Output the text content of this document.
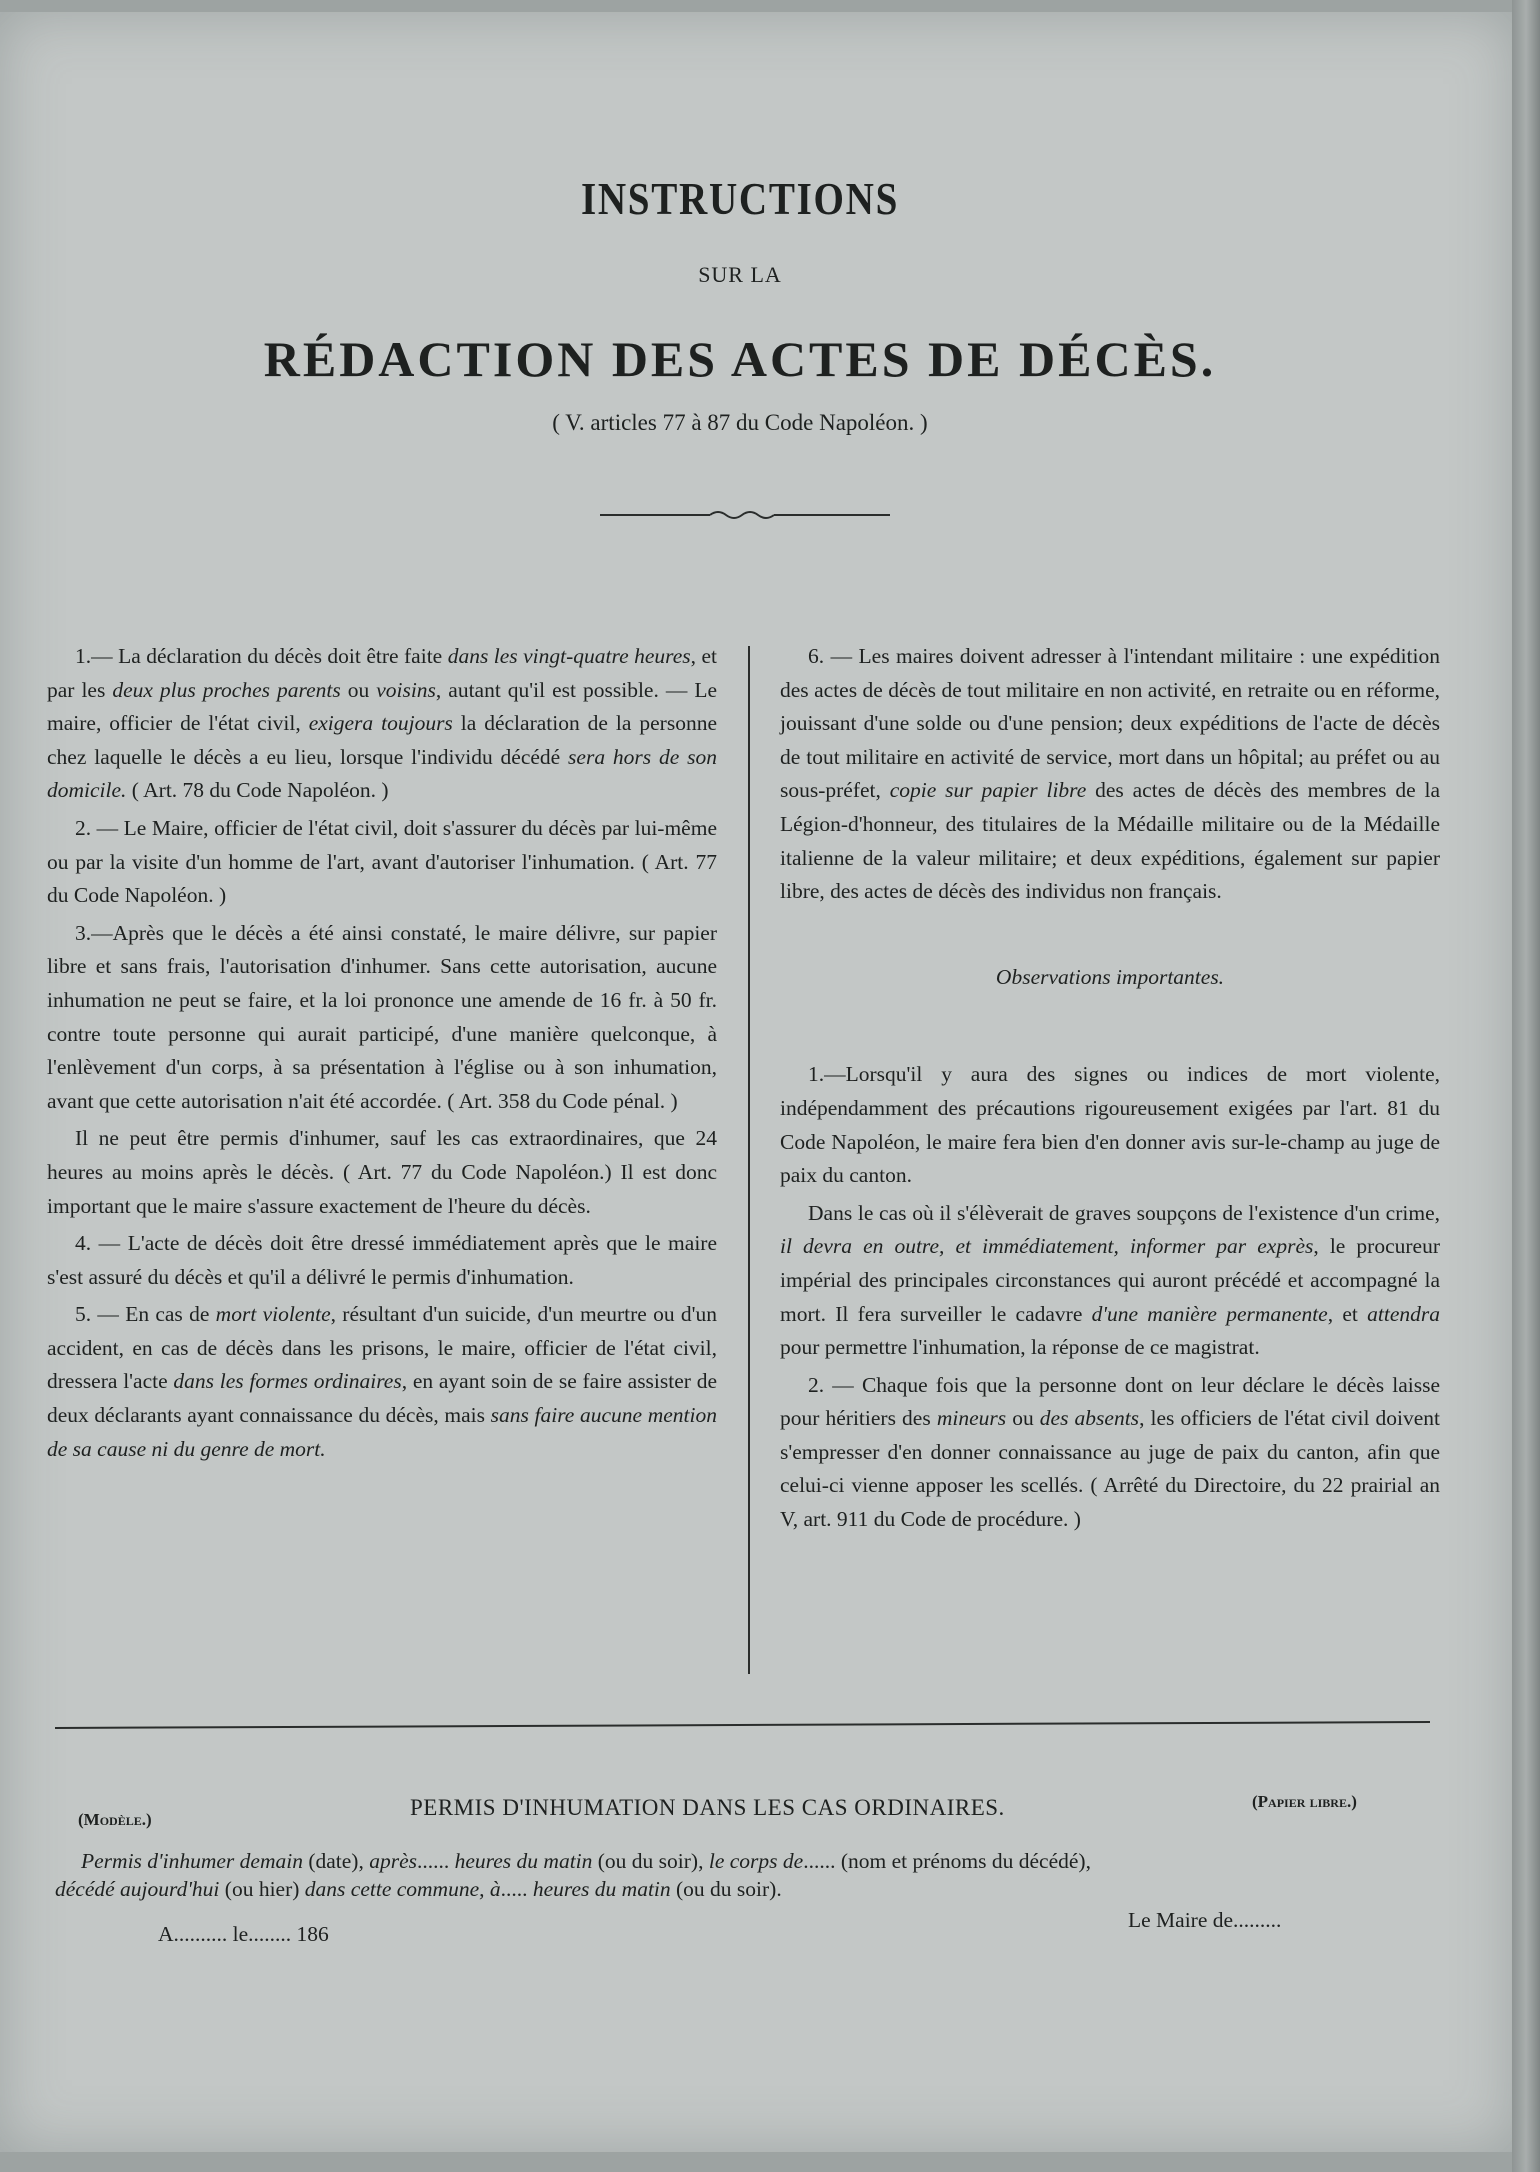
INSTRUCTIONS
SUR LA
RÉDACTION DES ACTES DE DÉCÈS.
( V. articles 77 à 87 du Code Napoléon. )

1.— La déclaration du décès doit être faite dans les vingt-quatre heures, et par les deux plus proches parents ou voisins, autant qu'il est possible. — Le maire, officier de l'état civil, exigera toujours la déclaration de la personne chez laquelle le décès a eu lieu, lorsque l'individu décédé sera hors de son domicile. ( Art. 78 du Code Napoléon. )

2. — Le Maire, officier de l'état civil, doit s'assurer du décès par lui-même ou par la visite d'un homme de l'art, avant d'autoriser l'inhumation. ( Art. 77 du Code Napoléon. )

3.—Après que le décès a été ainsi constaté, le maire délivre, sur papier libre et sans frais, l'autorisation d'inhumer. Sans cette autorisation, aucune inhumation ne peut se faire, et la loi prononce une amende de 16 fr. à 50 fr. contre toute personne qui aurait participé, d'une manière quelconque, à l'enlèvement d'un corps, à sa présentation à l'église ou à son inhumation, avant que cette autorisation n'ait été accordée. ( Art. 358 du Code pénal. )

Il ne peut être permis d'inhumer, sauf les cas extraordinaires, que 24 heures au moins après le décès. ( Art. 77 du Code Napoléon.) Il est donc important que le maire s'assure exactement de l'heure du décès.

4. — L'acte de décès doit être dressé immédiatement après que le maire s'est assuré du décès et qu'il a délivré le permis d'inhumation.

5. — En cas de mort violente, résultant d'un suicide, d'un meurtre ou d'un accident, en cas de décès dans les prisons, le maire, officier de l'état civil, dressera l'acte dans les formes ordinaires, en ayant soin de se faire assister de deux déclarants ayant connaissance du décès, mais sans faire aucune mention de sa cause ni du genre de mort.

6. — Les maires doivent adresser à l'intendant militaire : une expédition des actes de décès de tout militaire en non activité, en retraite ou en réforme, jouissant d'une solde ou d'une pension; deux expéditions de l'acte de décès de tout militaire en activité de service, mort dans un hôpital; au préfet ou au sous-préfet, copie sur papier libre des actes de décès des membres de la Légion-d'honneur, des titulaires de la Médaille militaire ou de la Médaille italienne de la valeur militaire; et deux expéditions, également sur papier libre, des actes de décès des individus non français.

Observations importantes.

1.—Lorsqu'il y aura des signes ou indices de mort violente, indépendamment des précautions rigoureusement exigées par l'art. 81 du Code Napoléon, le maire fera bien d'en donner avis sur-le-champ au juge de paix du canton.

Dans le cas où il s'élèverait de graves soupçons de l'existence d'un crime, il devra en outre, et immédiatement, informer par exprès, le procureur impérial des principales circonstances qui auront précédé et accompagné la mort. Il fera surveiller le cadavre d'une manière permanente, et attendra pour permettre l'inhumation, la réponse de ce magistrat.

2. — Chaque fois que la personne dont on leur déclare le décès laisse pour héritiers des mineurs ou des absents, les officiers de l'état civil doivent s'empresser d'en donner connaissance au juge de paix du canton, afin que celui-ci vienne apposer les scellés. ( Arrêté du Directoire, du 22 prairial an V, art. 911 du Code de procédure. )

(Modèle.)	PERMIS D'INHUMATION DANS LES CAS ORDINAIRES.	(Papier libre.)

Permis d'inhumer demain (date), après...... heures du matin (ou du soir), le corps de...... (nom et prénoms du décédé),

décédé aujourd'hui (ou hier) dans cette commune, à..... heures du matin (ou du soir).

A.......... le........ 186
Le Maire de.........
